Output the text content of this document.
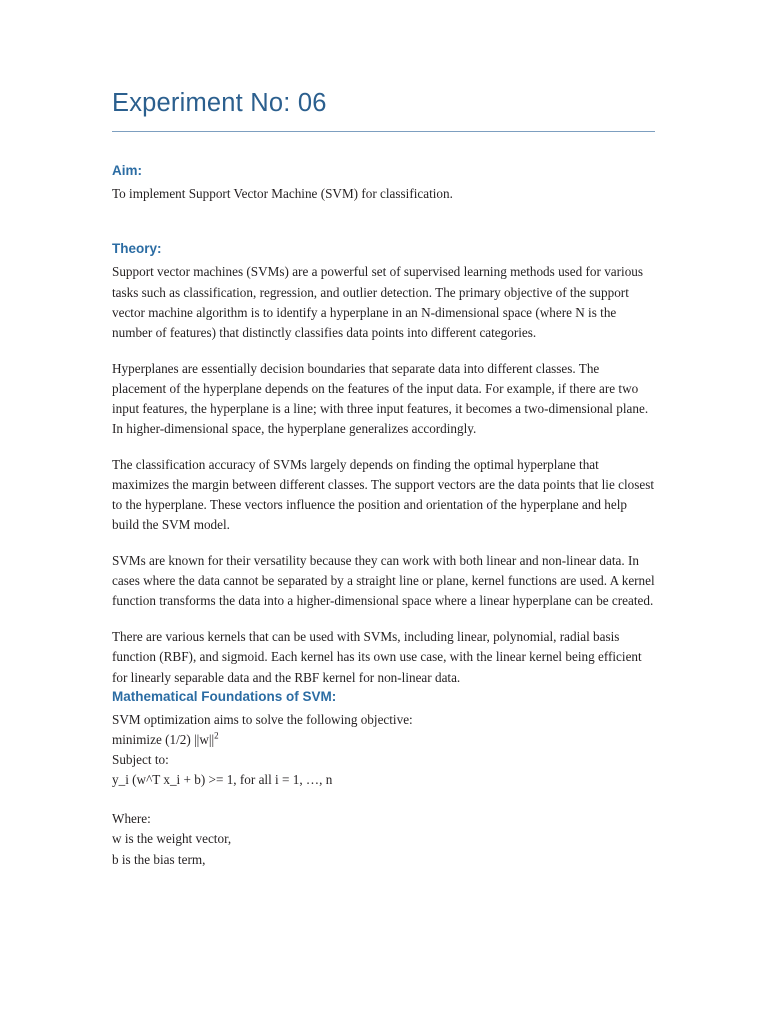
Experiment No: 06
Aim:

To implement Support Vector Machine (SVM) for classification.

Theory:

Support vector machines (SVMs) are a powerful set of supervised learning methods used for various tasks such as classification, regression, and outlier detection. The primary objective of the support vector machine algorithm is to identify a hyperplane in an N-dimensional space (where N is the number of features) that distinctly classifies data points into different categories.

Hyperplanes are essentially decision boundaries that separate data into different classes. The placement of the hyperplane depends on the features of the input data. For example, if there are two input features, the hyperplane is a line; with three input features, it becomes a two-dimensional plane. In higher-dimensional space, the hyperplane generalizes accordingly.

The classification accuracy of SVMs largely depends on finding the optimal hyperplane that maximizes the margin between different classes. The support vectors are the data points that lie closest to the hyperplane. These vectors influence the position and orientation of the hyperplane and help build the SVM model.

SVMs are known for their versatility because they can work with both linear and non-linear data. In cases where the data cannot be separated by a straight line or plane, kernel functions are used. A kernel function transforms the data into a higher-dimensional space where a linear hyperplane can be created.

There are various kernels that can be used with SVMs, including linear, polynomial, radial basis function (RBF), and sigmoid. Each kernel has its own use case, with the linear kernel being efficient for linearly separable data and the RBF kernel for non-linear data.

Mathematical Foundations of SVM:

SVM optimization aims to solve the following objective:

minimize (1/2) $||w||^2$

Subject to:

y_i (w^T x_i + b) >= 1, for all i = 1, …, n

Where:

w is the weight vector,

b is the bias term,
